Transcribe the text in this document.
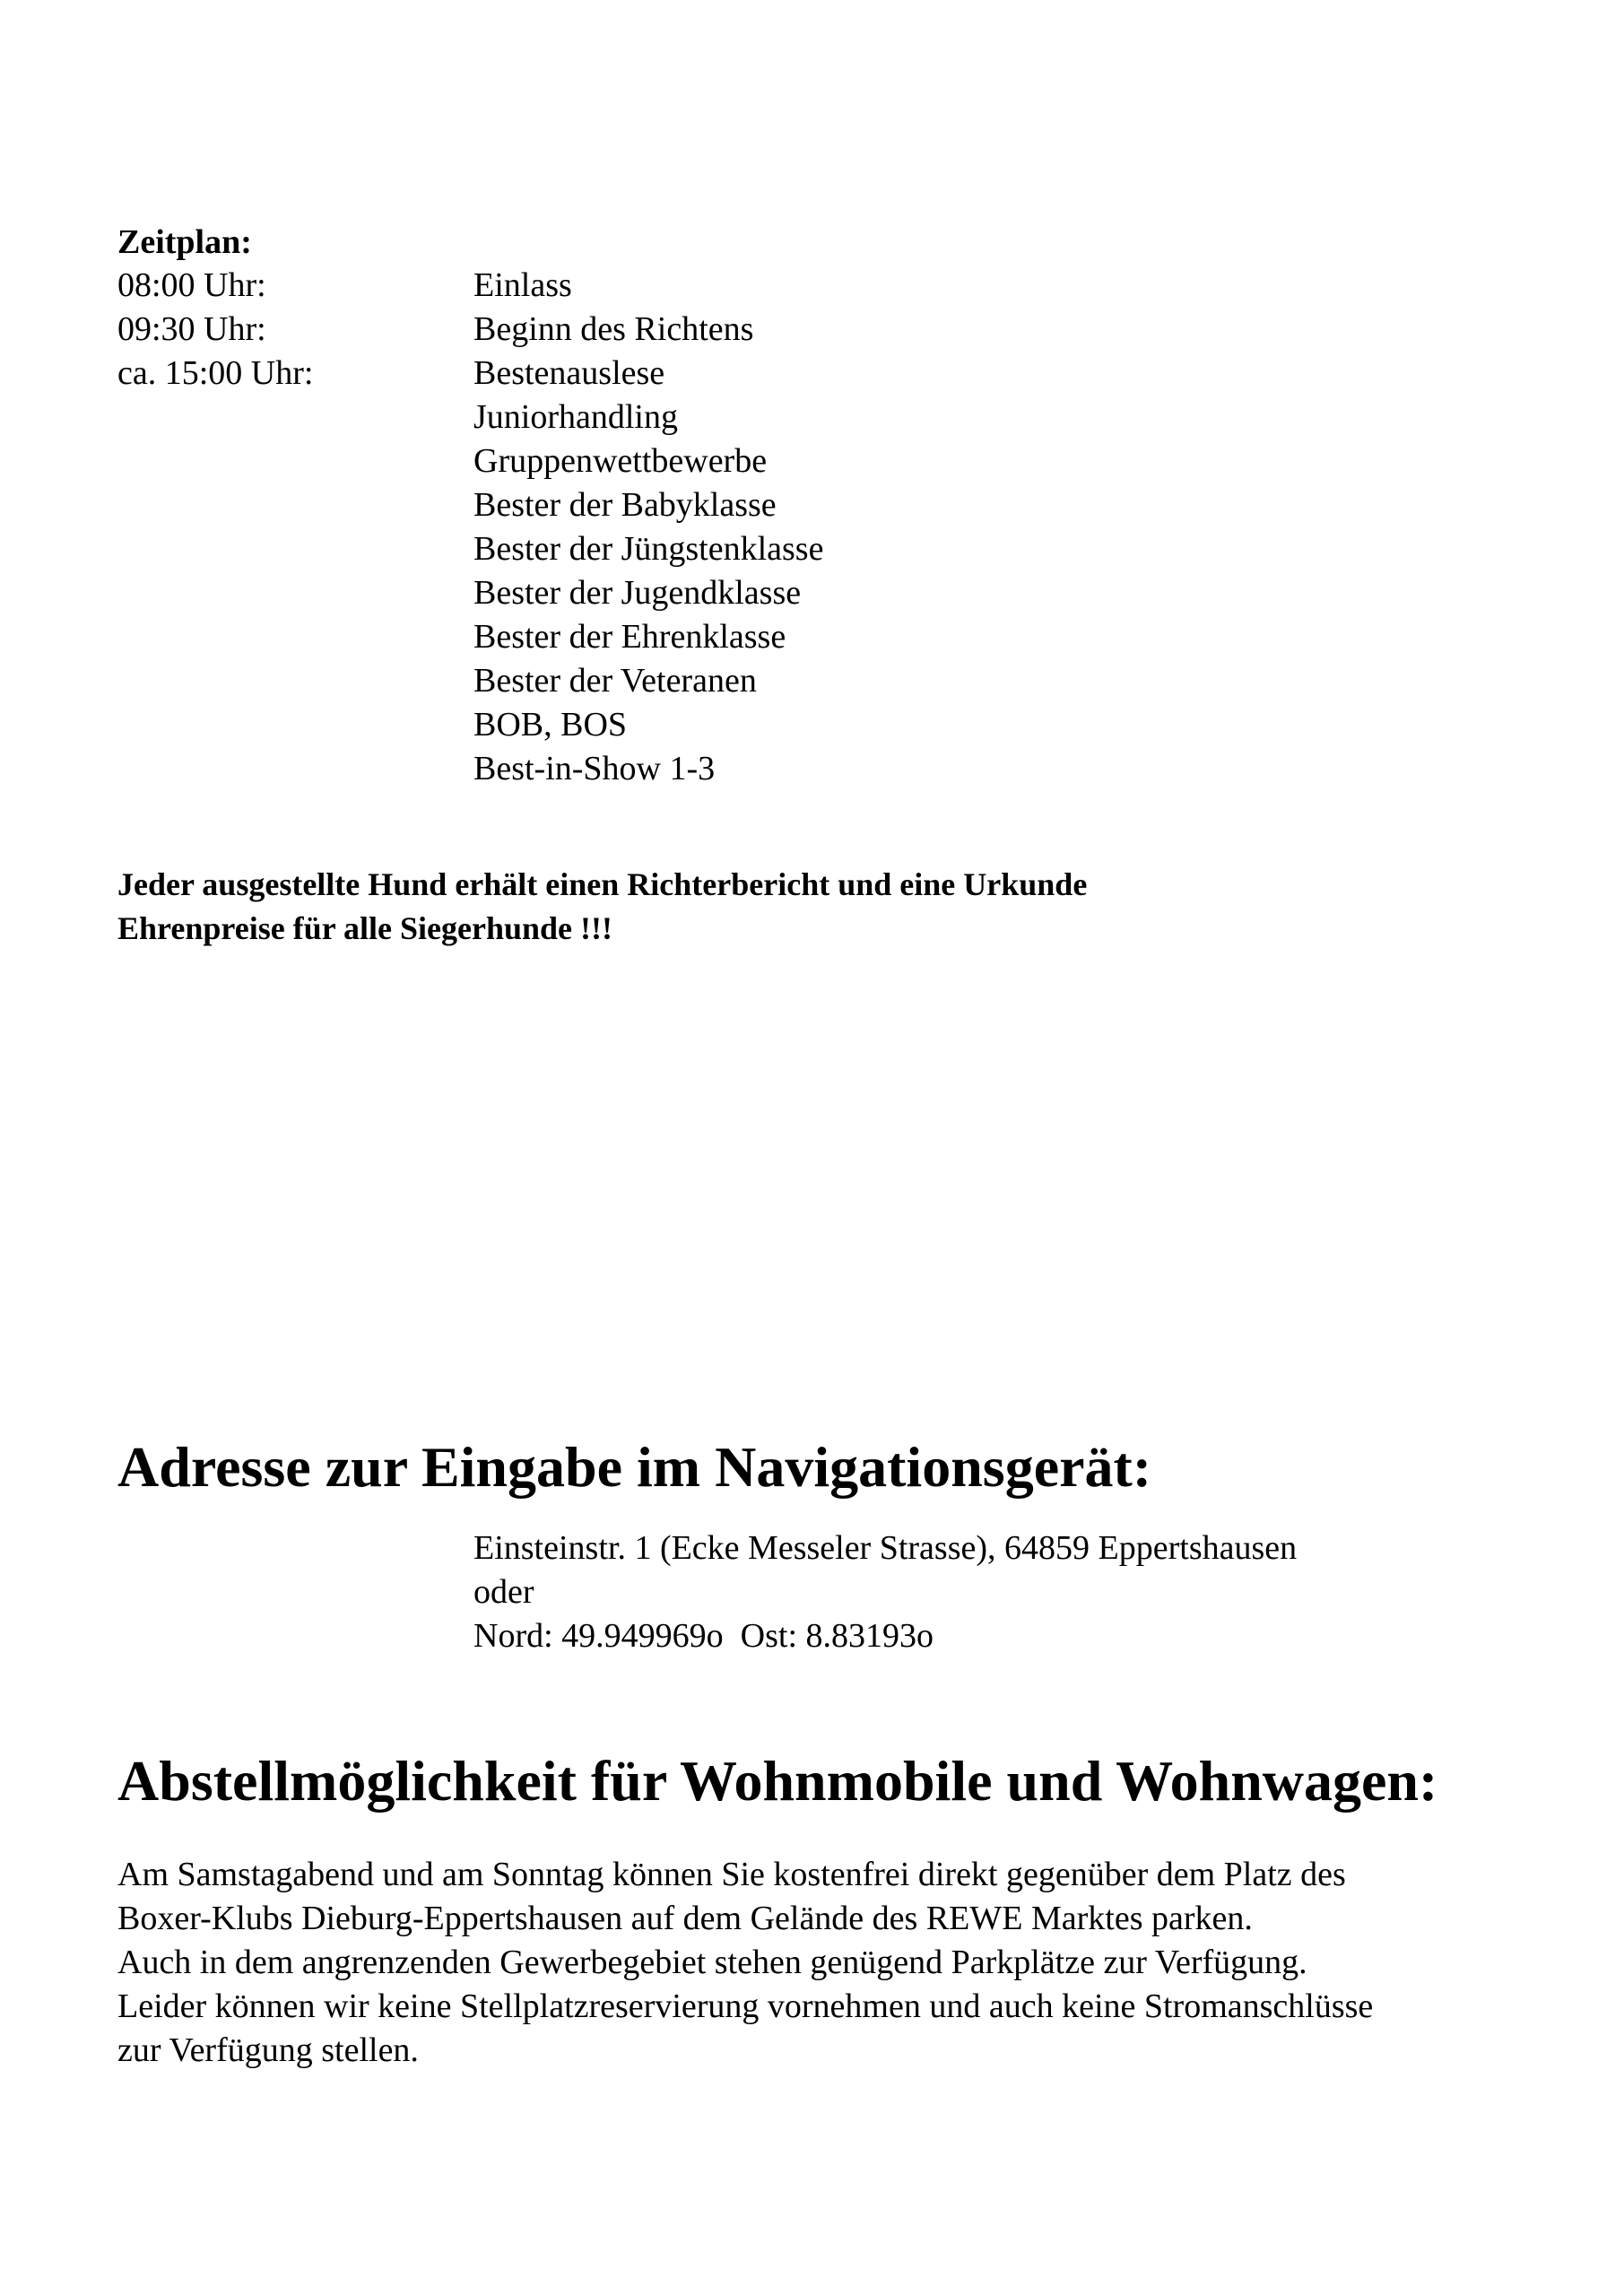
Zeitplan:
08:00 Uhr:	Einlass
09:30 Uhr:	Beginn des Richtens
ca. 15:00 Uhr:	Bestenauslese
Juniorhandling
Gruppenwettbewerbe
Bester der Babyklasse
Bester der Jüngstenklasse
Bester der Jugendklasse
Bester der Ehrenklasse
Bester der Veteranen
BOB, BOS
Best-in-Show 1-3
Jeder ausgestellte Hund erhält einen Richterbericht und eine Urkunde
Ehrenpreise für alle Siegerhunde !!!
Adresse zur Eingabe im Navigationsgerät:
Einsteinstr. 1 (Ecke Messeler Strasse), 64859 Eppertshausen
oder
Nord: 49.949969o  Ost: 8.83193o
Abstellmöglichkeit für Wohnmobile und Wohnwagen:
Am Samstagabend und am Sonntag können Sie kostenfrei direkt gegenüber dem Platz des
Boxer-Klubs Dieburg-Eppertshausen auf dem Gelände des REWE Marktes parken.
Auch in dem angrenzenden Gewerbegebiet stehen genügend Parkplätze zur Verfügung.
Leider können wir keine Stellplatzreservierung vornehmen und auch keine Stromanschlüsse
zur Verfügung stellen.
